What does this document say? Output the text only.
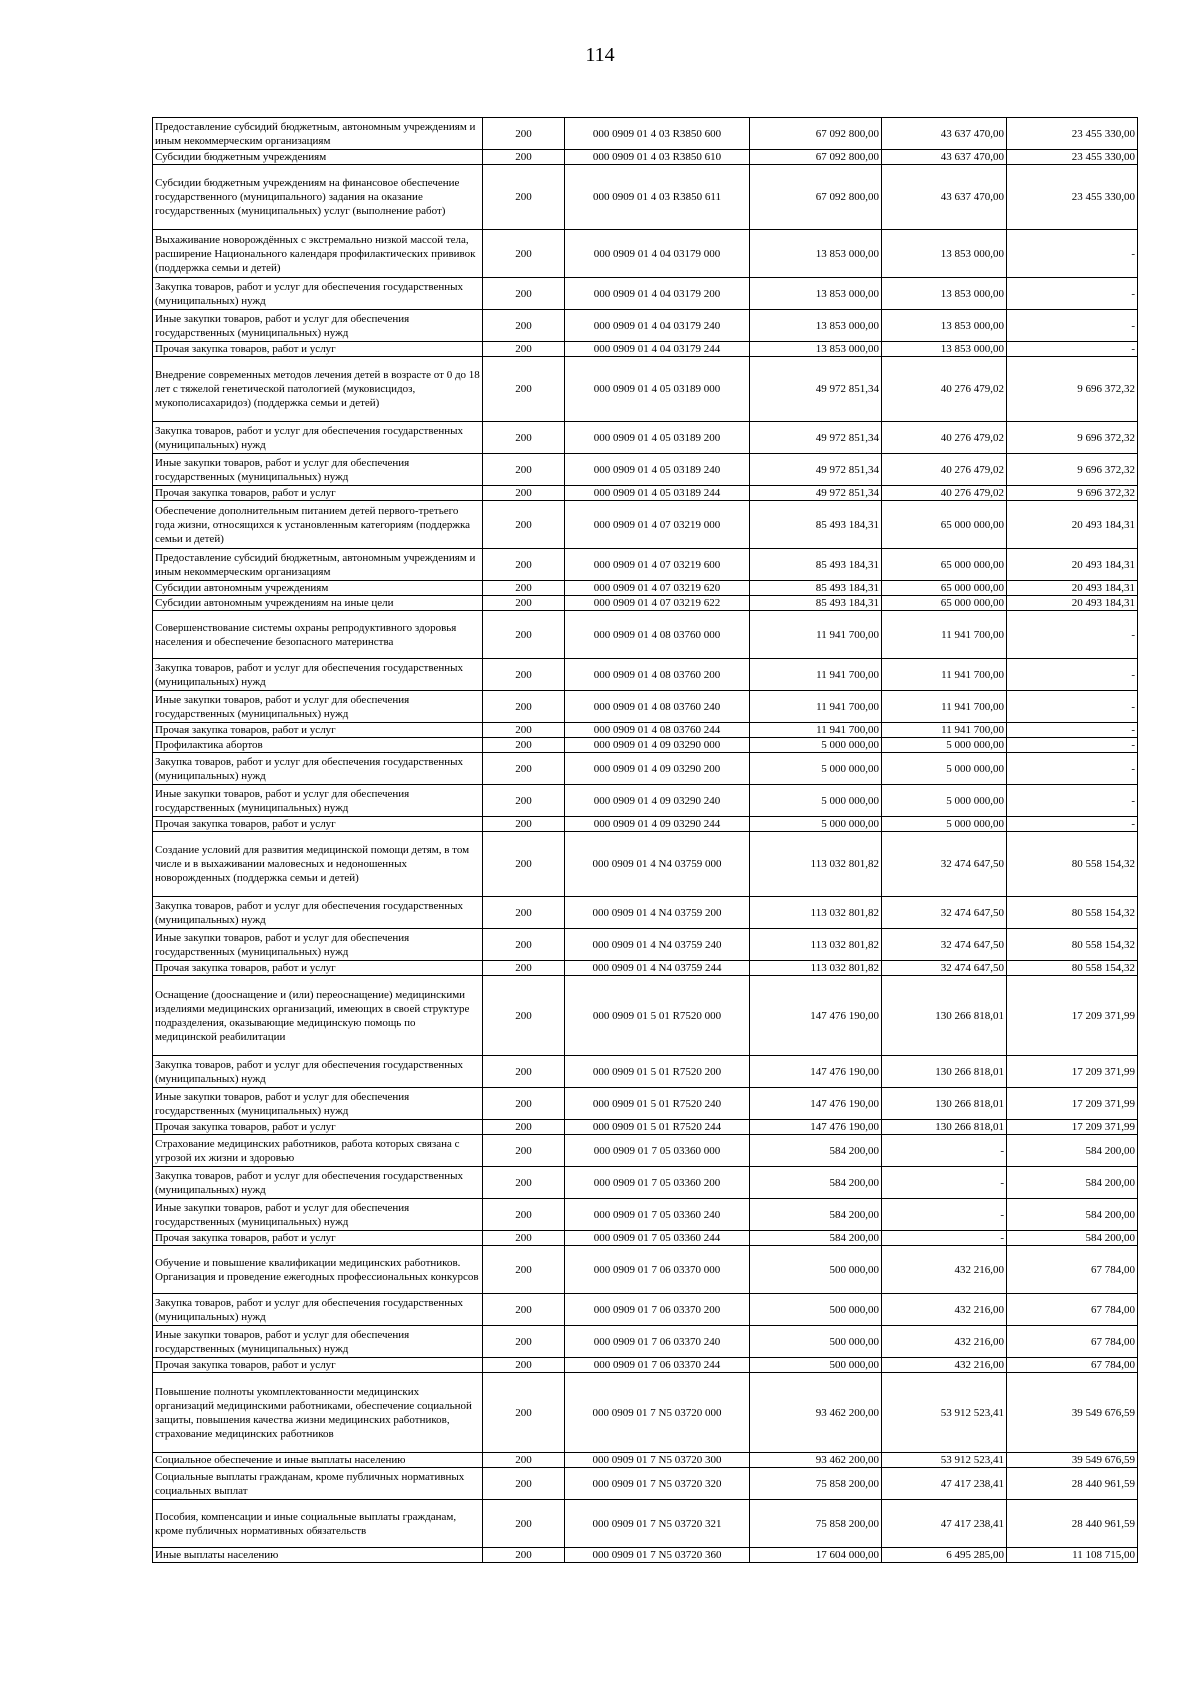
114
Предоставление субсидий бюджетным, автономным учреждениям и иным некоммерческим организациям	200	000 0909 01 4 03 R3850 600	67 092 800,00	43 637 470,00	23 455 330,00
Субсидии бюджетным учреждениям	200	000 0909 01 4 03 R3850 610	67 092 800,00	43 637 470,00	23 455 330,00
Субсидии бюджетным учреждениям на финансовое обеспечение государственного (муниципального) задания на оказание государственных (муниципальных) услуг (выполнение работ)	200	000 0909 01 4 03 R3850 611	67 092 800,00	43 637 470,00	23 455 330,00
Выхаживание новорождённых с экстремально низкой массой тела, расширение Национального календаря профилактических прививок (поддержка семьи и детей)	200	000 0909 01 4 04 03179 000	13 853 000,00	13 853 000,00	-
Закупка товаров, работ и услуг для обеспечения государственных (муниципальных) нужд	200	000 0909 01 4 04 03179 200	13 853 000,00	13 853 000,00	-
Иные закупки товаров, работ и услуг для обеспечения государственных (муниципальных) нужд	200	000 0909 01 4 04 03179 240	13 853 000,00	13 853 000,00	-
Прочая закупка товаров, работ и услуг	200	000 0909 01 4 04 03179 244	13 853 000,00	13 853 000,00	-
Внедрение современных методов лечения детей в возрасте от 0 до 18 лет с тяжелой генетической патологией (муковисцидоз, мукополисахаридоз) (поддержка семьи и детей)	200	000 0909 01 4 05 03189 000	49 972 851,34	40 276 479,02	9 696 372,32
Закупка товаров, работ и услуг для обеспечения государственных (муниципальных) нужд	200	000 0909 01 4 05 03189 200	49 972 851,34	40 276 479,02	9 696 372,32
Иные закупки товаров, работ и услуг для обеспечения государственных (муниципальных) нужд	200	000 0909 01 4 05 03189 240	49 972 851,34	40 276 479,02	9 696 372,32
Прочая закупка товаров, работ и услуг	200	000 0909 01 4 05 03189 244	49 972 851,34	40 276 479,02	9 696 372,32
Обеспечение дополнительным питанием детей первого-третьего года жизни, относящихся к установленным категориям (поддержка семьи и детей)	200	000 0909 01 4 07 03219 000	85 493 184,31	65 000 000,00	20 493 184,31
Предоставление субсидий бюджетным, автономным учреждениям и иным некоммерческим организациям	200	000 0909 01 4 07 03219 600	85 493 184,31	65 000 000,00	20 493 184,31
Субсидии автономным учреждениям	200	000 0909 01 4 07 03219 620	85 493 184,31	65 000 000,00	20 493 184,31
Субсидии автономным учреждениям на иные цели	200	000 0909 01 4 07 03219 622	85 493 184,31	65 000 000,00	20 493 184,31
Совершенствование системы охраны репродуктивного здоровья населения и обеспечение безопасного материнства	200	000 0909 01 4 08 03760 000	11 941 700,00	11 941 700,00	-
Закупка товаров, работ и услуг для обеспечения государственных (муниципальных) нужд	200	000 0909 01 4 08 03760 200	11 941 700,00	11 941 700,00	-
Иные закупки товаров, работ и услуг для обеспечения государственных (муниципальных) нужд	200	000 0909 01 4 08 03760 240	11 941 700,00	11 941 700,00	-
Прочая закупка товаров, работ и услуг	200	000 0909 01 4 08 03760 244	11 941 700,00	11 941 700,00	-
Профилактика абортов	200	000 0909 01 4 09 03290 000	5 000 000,00	5 000 000,00	-
Закупка товаров, работ и услуг для обеспечения государственных (муниципальных) нужд	200	000 0909 01 4 09 03290 200	5 000 000,00	5 000 000,00	-
Иные закупки товаров, работ и услуг для обеспечения государственных (муниципальных) нужд	200	000 0909 01 4 09 03290 240	5 000 000,00	5 000 000,00	-
Прочая закупка товаров, работ и услуг	200	000 0909 01 4 09 03290 244	5 000 000,00	5 000 000,00	-
Создание условий для развития медицинской помощи детям, в том числе и в выхаживании маловесных и недоношенных новорожденных (поддержка семьи и детей)	200	000 0909 01 4 N4 03759 000	113 032 801,82	32 474 647,50	80 558 154,32
Закупка товаров, работ и услуг для обеспечения государственных (муниципальных) нужд	200	000 0909 01 4 N4 03759 200	113 032 801,82	32 474 647,50	80 558 154,32
Иные закупки товаров, работ и услуг для обеспечения государственных (муниципальных) нужд	200	000 0909 01 4 N4 03759 240	113 032 801,82	32 474 647,50	80 558 154,32
Прочая закупка товаров, работ и услуг	200	000 0909 01 4 N4 03759 244	113 032 801,82	32 474 647,50	80 558 154,32
Оснащение (дооснащение и (или) переоснащение) медицинскими изделиями медицинских организаций, имеющих в своей структуре подразделения, оказывающие медицинскую помощь по медицинской реабилитации	200	000 0909 01 5 01 R7520 000	147 476 190,00	130 266 818,01	17 209 371,99
Закупка товаров, работ и услуг для обеспечения государственных (муниципальных) нужд	200	000 0909 01 5 01 R7520 200	147 476 190,00	130 266 818,01	17 209 371,99
Иные закупки товаров, работ и услуг для обеспечения государственных (муниципальных) нужд	200	000 0909 01 5 01 R7520 240	147 476 190,00	130 266 818,01	17 209 371,99
Прочая закупка товаров, работ и услуг	200	000 0909 01 5 01 R7520 244	147 476 190,00	130 266 818,01	17 209 371,99
Страхование медицинских работников, работа которых связана с угрозой их жизни и здоровью	200	000 0909 01 7 05 03360 000	584 200,00	-	584 200,00
Закупка товаров, работ и услуг для обеспечения государственных (муниципальных) нужд	200	000 0909 01 7 05 03360 200	584 200,00	-	584 200,00
Иные закупки товаров, работ и услуг для обеспечения государственных (муниципальных) нужд	200	000 0909 01 7 05 03360 240	584 200,00	-	584 200,00
Прочая закупка товаров, работ и услуг	200	000 0909 01 7 05 03360 244	584 200,00	-	584 200,00
Обучение и повышение квалификации медицинских работников. Организация и проведение ежегодных профессиональных конкурсов	200	000 0909 01 7 06 03370 000	500 000,00	432 216,00	67 784,00
Закупка товаров, работ и услуг для обеспечения государственных (муниципальных) нужд	200	000 0909 01 7 06 03370 200	500 000,00	432 216,00	67 784,00
Иные закупки товаров, работ и услуг для обеспечения государственных (муниципальных) нужд	200	000 0909 01 7 06 03370 240	500 000,00	432 216,00	67 784,00
Прочая закупка товаров, работ и услуг	200	000 0909 01 7 06 03370 244	500 000,00	432 216,00	67 784,00
Повышение полноты укомплектованности медицинских организаций медицинскими работниками, обеспечение социальной защиты, повышения качества жизни медицинских работников, страхование медицинских работников	200	000 0909 01 7 N5 03720 000	93 462 200,00	53 912 523,41	39 549 676,59
Социальное обеспечение и иные выплаты населению	200	000 0909 01 7 N5 03720 300	93 462 200,00	53 912 523,41	39 549 676,59
Социальные выплаты гражданам, кроме публичных нормативных социальных выплат	200	000 0909 01 7 N5 03720 320	75 858 200,00	47 417 238,41	28 440 961,59
Пособия, компенсации и иные социальные выплаты гражданам, кроме публичных нормативных обязательств	200	000 0909 01 7 N5 03720 321	75 858 200,00	47 417 238,41	28 440 961,59
Иные выплаты населению	200	000 0909 01 7 N5 03720 360	17 604 000,00	6 495 285,00	11 108 715,00
